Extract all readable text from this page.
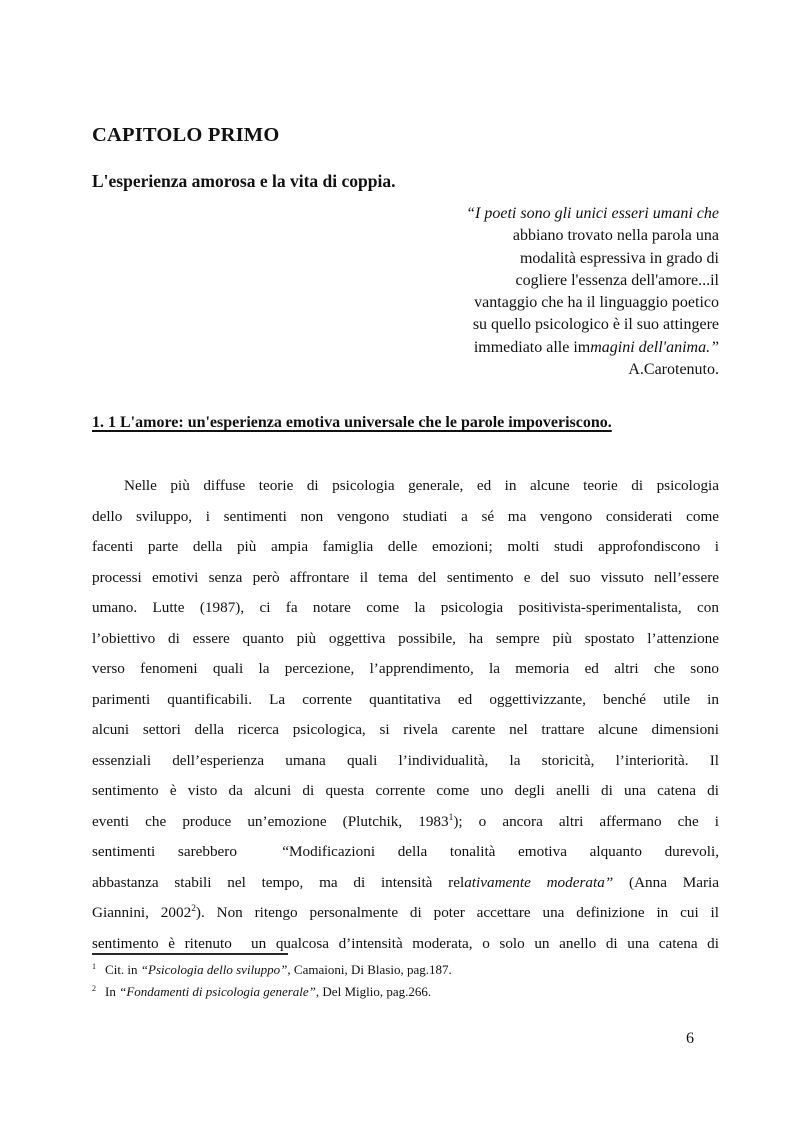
CAPITOLO PRIMO
L'esperienza amorosa e la vita di coppia.
“I poeti sono gli unici esseri umani che
abbiano trovato nella parola una
modalità espressiva in grado di
cogliere l'essenza dell'amore...il
vantaggio che ha il linguaggio poetico
su quello psicologico è il suo attingere
immediato alle immagini dell'anima.”
A.Carotenuto.
1. 1 L'amore: un'esperienza emotiva universale che le parole impoveriscono.
Nelle più diffuse teorie di psicologia generale, ed in alcune teorie di psicologia
dello sviluppo, i sentimenti non vengono studiati a sé ma vengono considerati come
facenti parte della più ampia famiglia delle emozioni; molti studi approfondiscono i
processi emotivi senza però affrontare il tema del sentimento e del suo vissuto nell’essere
umano. Lutte (1987), ci fa notare come la psicologia positivista-sperimentalista, con
l’obiettivo di essere quanto più oggettiva possibile, ha sempre più spostato l’attenzione
verso fenomeni quali la percezione, l’apprendimento, la memoria ed altri che sono
parimenti quantificabili. La corrente quantitativa ed oggettivizzante, benché utile in
alcuni settori della ricerca psicologica, si rivela carente nel trattare alcune dimensioni
essenziali dell’esperienza umana quali l’individualità, la storicità, l’interiorità. Il
sentimento è visto da alcuni di questa corrente come uno degli anelli di una catena di
eventi che produce un’emozione (Plutchik, 1983$^1$); o ancora altri affermano che i
sentimenti sarebbero  “Modificazioni della tonalità emotiva alquanto durevoli,
abbastanza stabili nel tempo, ma di intensità relativamente moderata” (Anna Maria
Giannini, 2002$^2$). Non ritengo personalmente di poter accettare una definizione in cui il
sentimento è ritenuto  un qualcosa d’intensità moderata, o solo un anello di una catena di
$^1$ Cit. in “Psicologia dello sviluppo”, Camaioni, Di Blasio, pag.187.
$^2$ In “Fondamenti di psicologia generale”, Del Miglio, pag.266.
6
